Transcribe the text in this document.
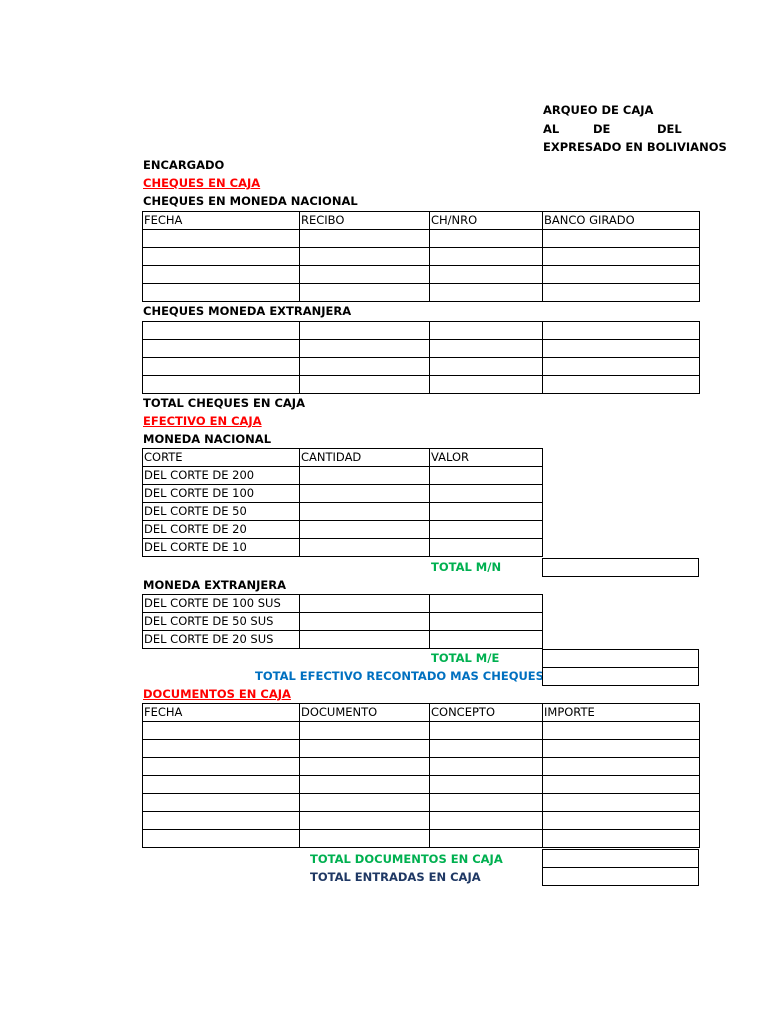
ARQUEO DE CAJA
AL	DE	DEL
EXPRESADO EN BOLIVIANOS
ENCARGADO
CHEQUES EN CAJA
CHEQUES EN MONEDA NACIONAL
FECHA	RECIBO	CH/NRO	BANCO GIRADO

CHEQUES MONEDA EXTRANJERA

TOTAL CHEQUES EN CAJA
EFECTIVO EN CAJA
MONEDA NACIONAL
CORTE	CANTIDAD	VALOR
DEL CORTE DE 200		
DEL CORTE DE 100		
DEL CORTE DE 50		
DEL CORTE DE 20		
DEL CORTE DE 10		
TOTAL M/N
MONEDA EXTRANJERA
DEL CORTE DE 100 SUS		
DEL CORTE DE 50 SUS		
DEL CORTE DE 20 SUS		
TOTAL M/E
TOTAL EFECTIVO RECONTADO MAS CHEQUES
DOCUMENTOS EN CAJA
FECHA	DOCUMENTO	CONCEPTO	IMPORTE

TOTAL DOCUMENTOS EN CAJA
TOTAL ENTRADAS EN CAJA
